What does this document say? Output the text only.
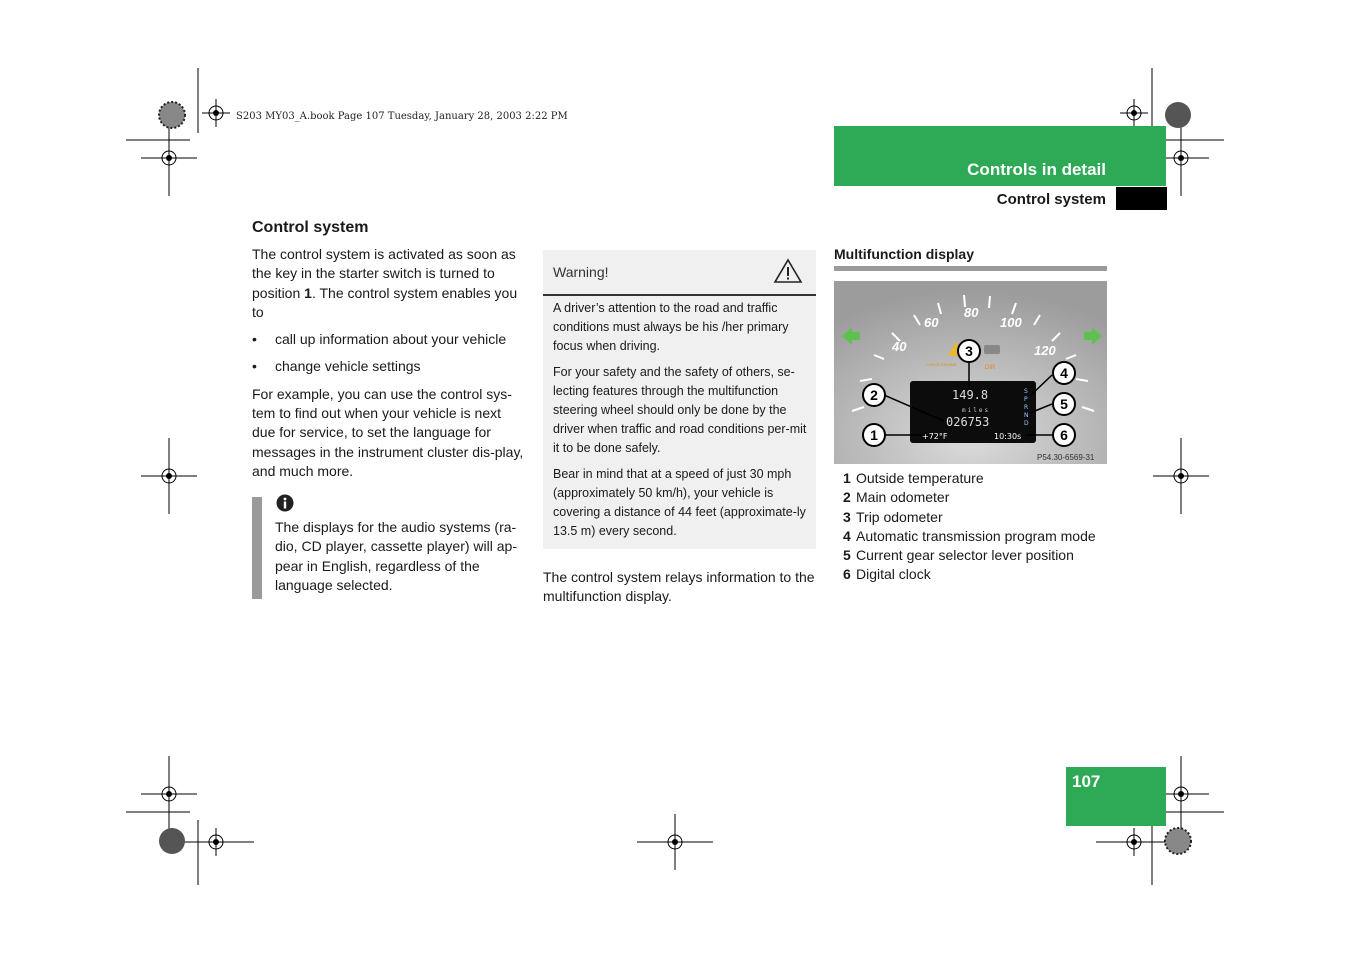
S203 MY03_A.book Page 107 Tuesday, January 28, 2003 2:22 PM
Controls in detail
Control system
Control system

The control system is activated as soon as the key in the starter switch is turned to position 1. The control system enables you to

• call up information about your vehicle
• change vehicle settings

For example, you can use the control sys-tem to find out when your vehicle is next due for service, to set the language for messages in the instrument cluster dis-play, and much more.

The displays for the audio systems (ra-dio, CD player, cassette player) will ap-pear in English, regardless of the language selected.

Warning!

A driver’s attention to the road and traffic conditions must always be his /her primary focus when driving.

For your safety and the safety of others, se-lecting features through the multifunction steering wheel should only be done by the driver when traffic and road conditions per-mit it to be done safely.

Bear in mind that at a speed of just 30 mph (approximately 50 km/h), your vehicle is covering a distance of 44 feet (approximate-ly 13.5 m) every second.

The control system relays information to the multifunction display.

Multifunction display
40
60
80
100
120
CHECK ENGINE
DIR
149.8
miles
026753
+72°F	10:30s
S
P
R
N
D
1
2
3
4
5
6
P54.30-6569-31
1 Outside temperature
2 Main odometer
3 Trip odometer
4 Automatic transmission program mode
5 Current gear selector lever position
6 Digital clock
107
